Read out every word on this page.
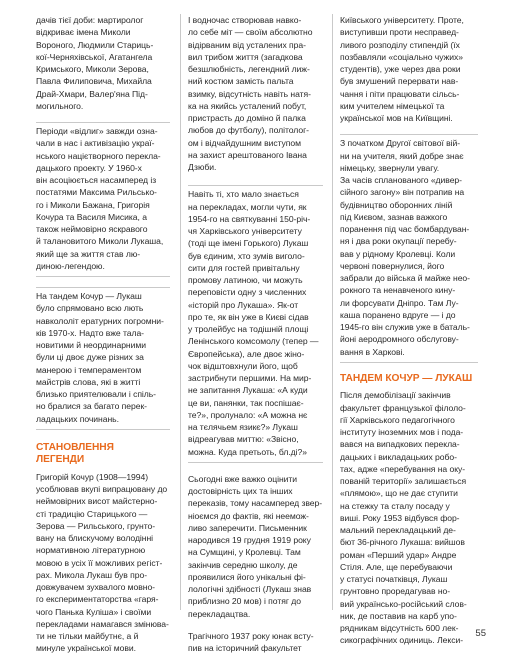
дачів тієї доби: мартиролог
відкриває імена Миколи
Вороного, Людмили Стариць-
кої-Черняхівської, Агатангела
Кримського, Миколи Зерова,
Павла Филиповича, Михайла
Драй-Хмари, Валер'яна Під-
могильного.

Періоди «відлиг» завжди озна-
чали в нас і активізацію украї-
нського націєтворного перекла-
дацького проекту. У 1960-х
він асоціюється насамперед із
постатями Максима Рильсько-
го і Миколи Бажана, Григорія
Кочура та Василя Мисика, а
також неймовірно яскравого
й талановитого Миколи Лукаша,
який ще за життя став лю-
диною-легендою.

На тандем Кочур — Лукаш
було спрямовано всю лють
навкололіт ературних погромни-
ків 1970-х. Надто вже тала-
новитими й неординарними
були ці двоє дуже різних за
манерою і темпераментом
майстрів слова, які в житті
близько приятелювали і спіль-
но бралися за багато перек-
ладацьких починань.

СТАНОВЛЕННЯ
ЛЕГЕНДИ

Григорій Кочур (1908—1994)
усоблював вкупі випрацювану до
неймовірних висот майстерно-
сті традицію Старицького —
Зерова — Рильського, грунто-
вану на блискучому володінні
нормативною літературною
мовою в усіх її можливих регіст-
рах. Микола Лукаш був про-
довжувачем зухвалого мовно-
го експериментаторства «гаря-
чого Панька Куліша» і своїми
перекладами намагався змінюва-
ти не тільки майбутнє, а й
минуле української мови.

І водночас створював навко-
ло себе міт — своїм абсолютно
відірваним від усталених пра-
вил трибом життя (загадкова
безшлюбність, легендний лиж-
ний костюм замість пальта
взимку, відсутність навіть натя-
ка на якийсь усталений побут,
пристрасть до доміно й палка
любов до футболу), політолог-
ом і відчайдушним виступом
на захист арештованого Івана
Дзюби.

Навіть ті, хто мало знається
на перекладах, могли чути, як
1954-го на святкуванні 150-річ-
чя Харківського університету
(тоді ще імені Горького) Лукаш
був єдиним, хто зумів виголо-
сити для гостей привітальну
промову латиною, чи можуть
переповісти одну з численних
«історій про Лукаша». Як-от
про те, як він уже в Києві сідав
у тролейбус на тодішній площі
Ленінського комсомолу (тепер —
Європейська), але двоє жіно-
чок відштовхнули його, щоб
застрибнути першими. На мир-
не запитання Лукаша: «А куди
це ви, панянки, так поспішає-
те?», пролунало: «А можна нє
на тєлячьем язикє?» Лукаш
відреагував миттю: «Звісно,
можна. Куда претьоть, бл.ді?»

Сьогодні вже важко оцінити
достовірність цих та інших
переказів, тому насамперед звер-
ніоємся до фактів, які неемож-
ливо заперечити. Письменник
народився 19 грудня 1919 року
на Сумщині, у Кролевці. Там
закінчив середню школу, де
проявилися його унікальні фі-
лологічні здібності (Лукаш знав
приблизно 20 мов) і потяг до
перекладацтва.

Трагічного 1937 року юнак всту-
пив на історичний факультет

Київського університету. Проте,
виступивши проти несправед-
ливого розподілу стипендій (їх
позбавляли «соціально чужих»
студентів), уже через два роки
був змушений перервати нав-
чання і піти працювати сільсь-
ким учителем німецької та
української мов на Київщині.

З початком Другої світової вій-
ни на учителя, який добре знає
німецьку, звернули увагу.
За часів спланованого «дивер-
сійного загону» він потрапив на
будівництво оборонних ліній
під Києвом, зазнав важкого
поранення під час бомбардуван-
ня і два роки окупації перебу-
вав у рідному Кролевці. Коли
червоні повернулися, його
забрали до війська й майже нео-
рокного та ненавченого кину-
ли форсувати Дніпро. Там Лу-
каша поранено вдруге — і до
1945-го він служив уже в баталь-
йоні аеродромного обслугову-
вання в Харкові.

ТАНДЕМ КОЧУР — ЛУКАШ

Після демобілізації закінчив
факультет французької філоло-
гії Харківського педагогічного
інституту іноземних мов і пода-
вався на випадкових перекла-
дацьких і викладацьких робо-
тах, адже «перебування на оку-
пованій території» залишається
«плямою», що не дає ступити
на стежку та сталу посаду у
виші. Року 1953 відбувся фор-
мальний перекладацький де-
бют 36-річного Лукаша: вийшов
роман «Перший удар» Андре
Стіля. Але, ще перебуваючи
у статусі початківця, Лукаш
грунтовно проредагував но-
вий українсько-російський слов-
ник, де поставив на карб упо-
рядникам відсутність 600 лек-
сикографічних одиниць. Лекси-

55
